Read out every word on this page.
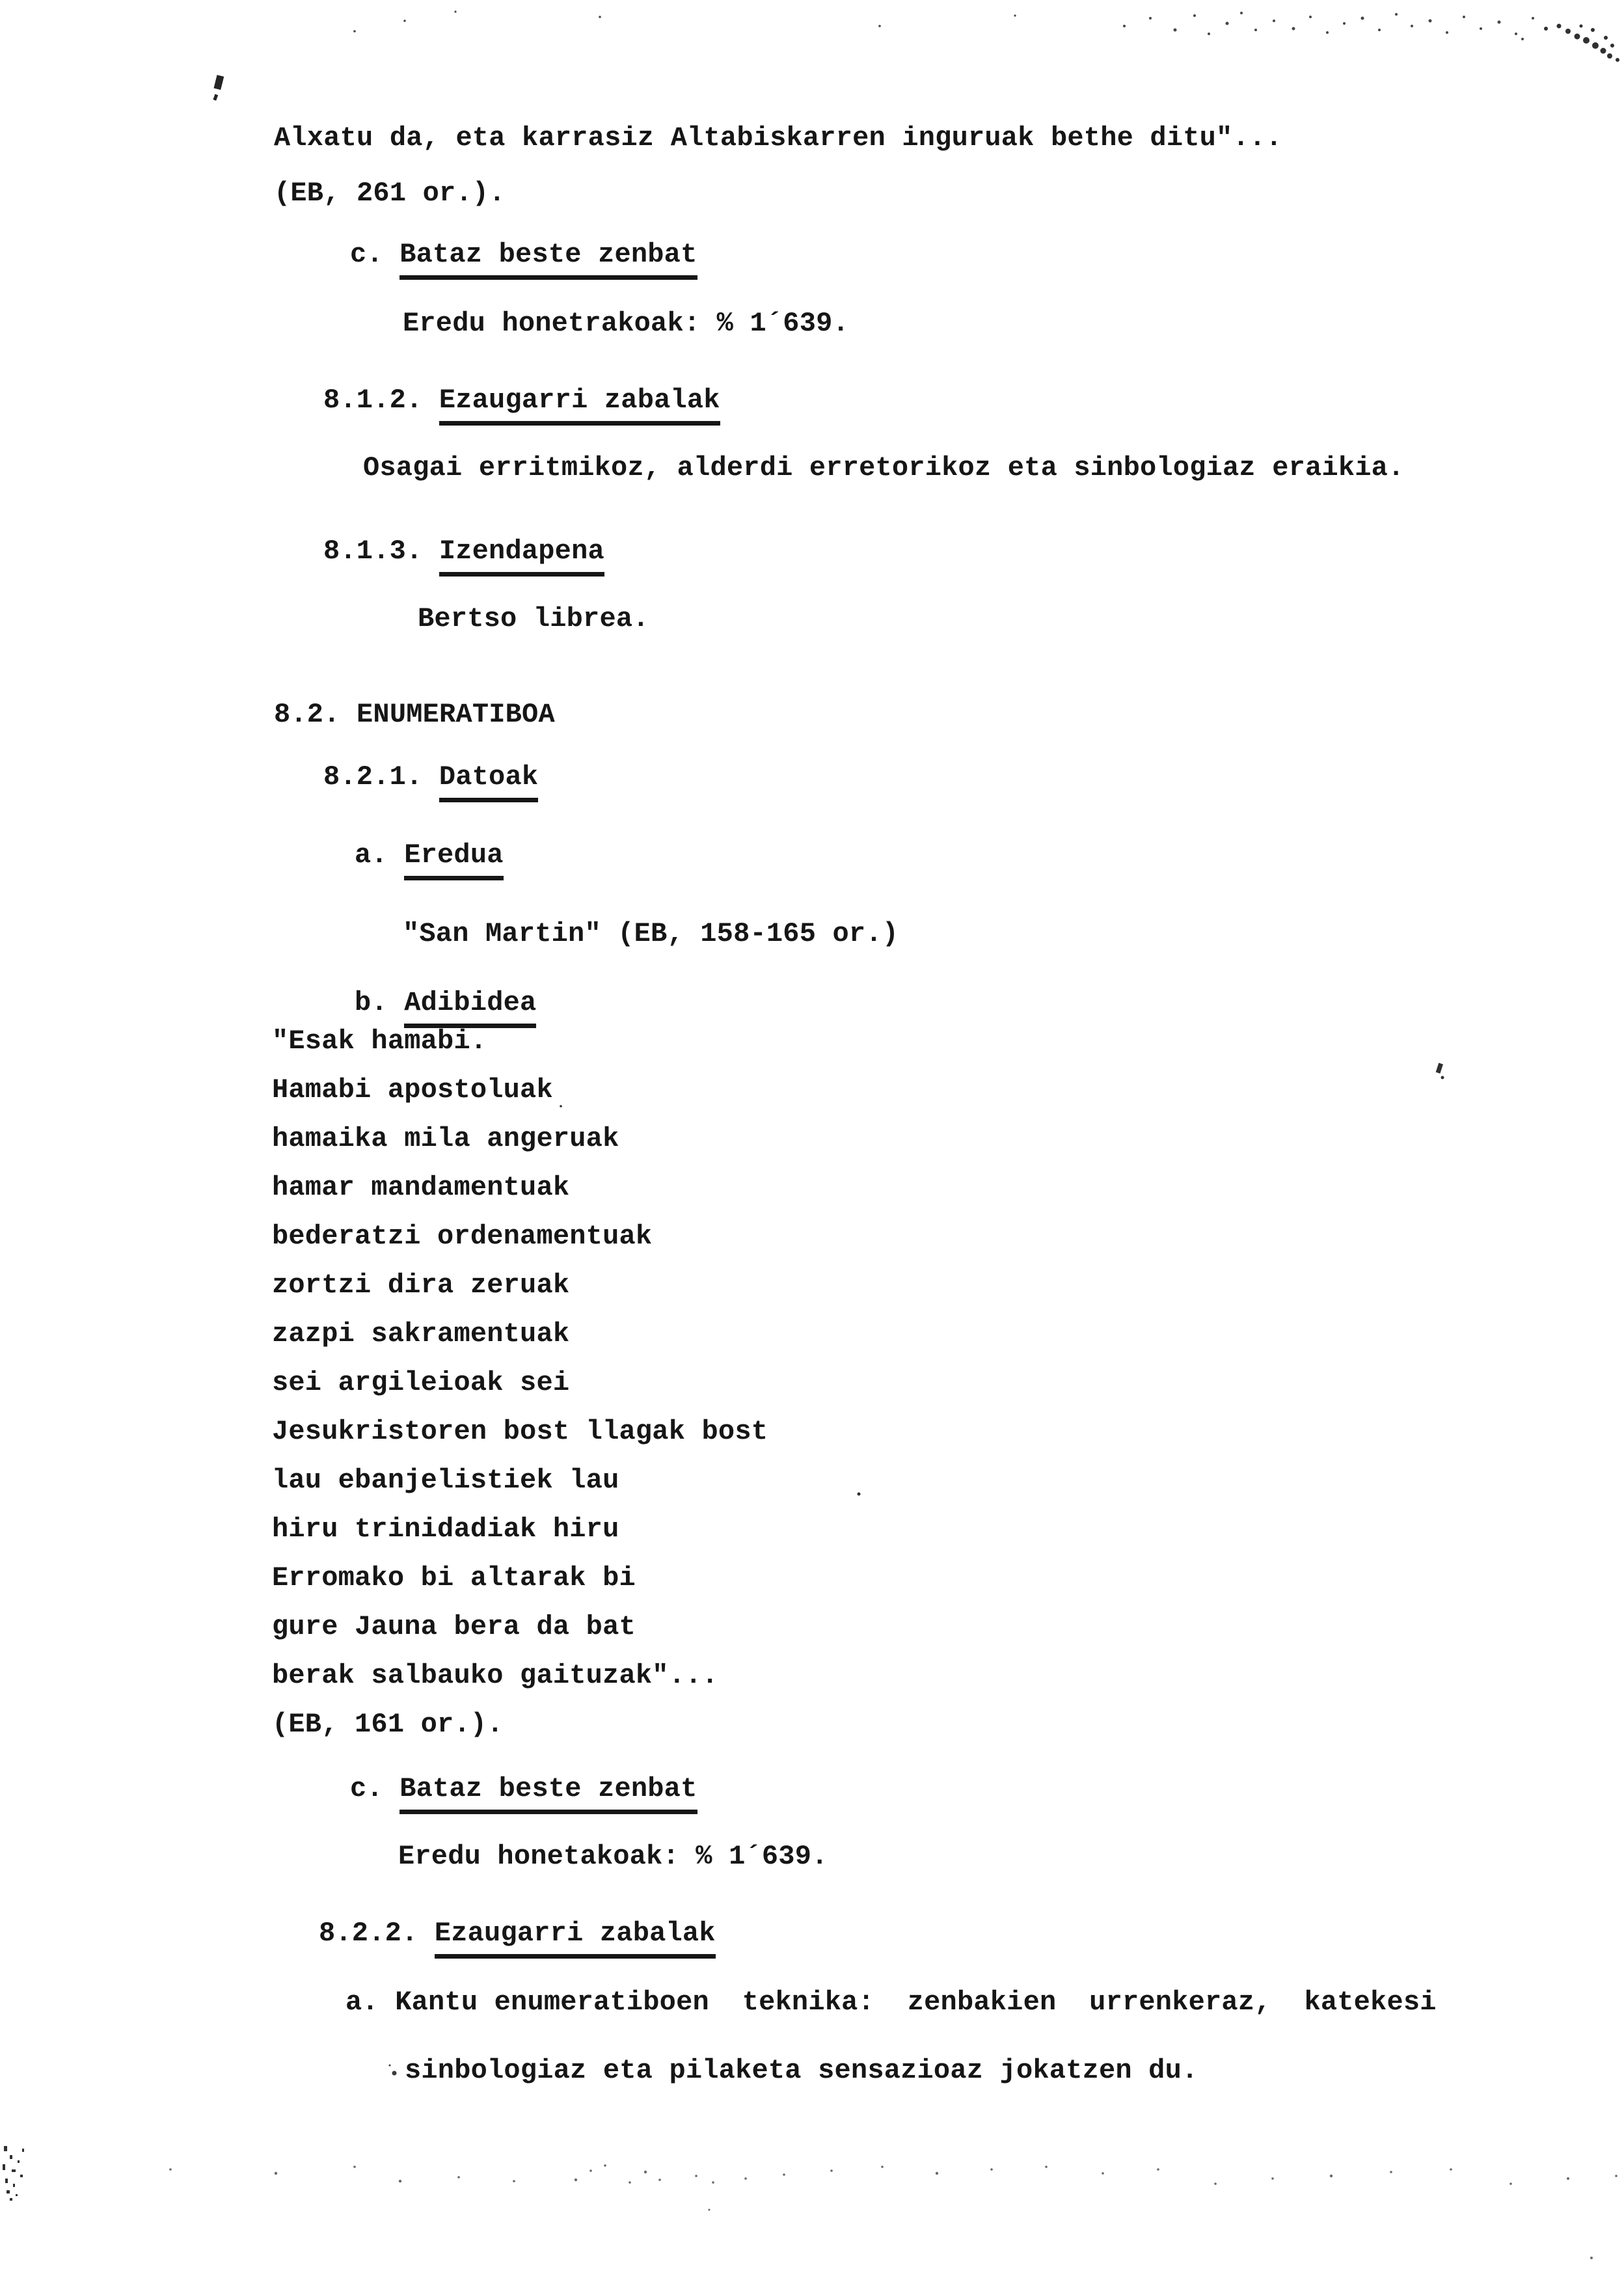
Alxatu da, eta karrasiz Altabiskarren inguruak bethe ditu"...
(EB, 261 or.).
c. Bataz beste zenbat
Eredu honetrakoak: % 1´639.
8.1.2. Ezaugarri zabalak
Osagai erritmikoz, alderdi erretorikoz eta sinbologiaz eraikia.
8.1.3. Izendapena
Bertso librea.
8.2. ENUMERATIBOA
8.2.1. Datoak
a. Eredua
"San Martin" (EB, 158-165 or.)
b. Adibidea
"Esak hamabi.
Hamabi apostoluak
hamaika mila angeruak
hamar mandamentuak
bederatzi ordenamentuak
zortzi dira zeruak
zazpi sakramentuak
sei argileioak sei
Jesukristoren bost llagak bost
lau ebanjelistiek lau
hiru trinidadiak hiru
Erromako bi altarak bi
gure Jauna bera da bat
berak salbauko gaituzak"...
(EB, 161 or.).
c. Bataz beste zenbat
Eredu honetakoak: % 1´639.
8.2.2. Ezaugarri zabalak
a. Kantu enumeratiboen  teknika:  zenbakien  urrenkeraz,  katekesi
sinbologiaz eta pilaketa sensazioaz jokatzen du.
